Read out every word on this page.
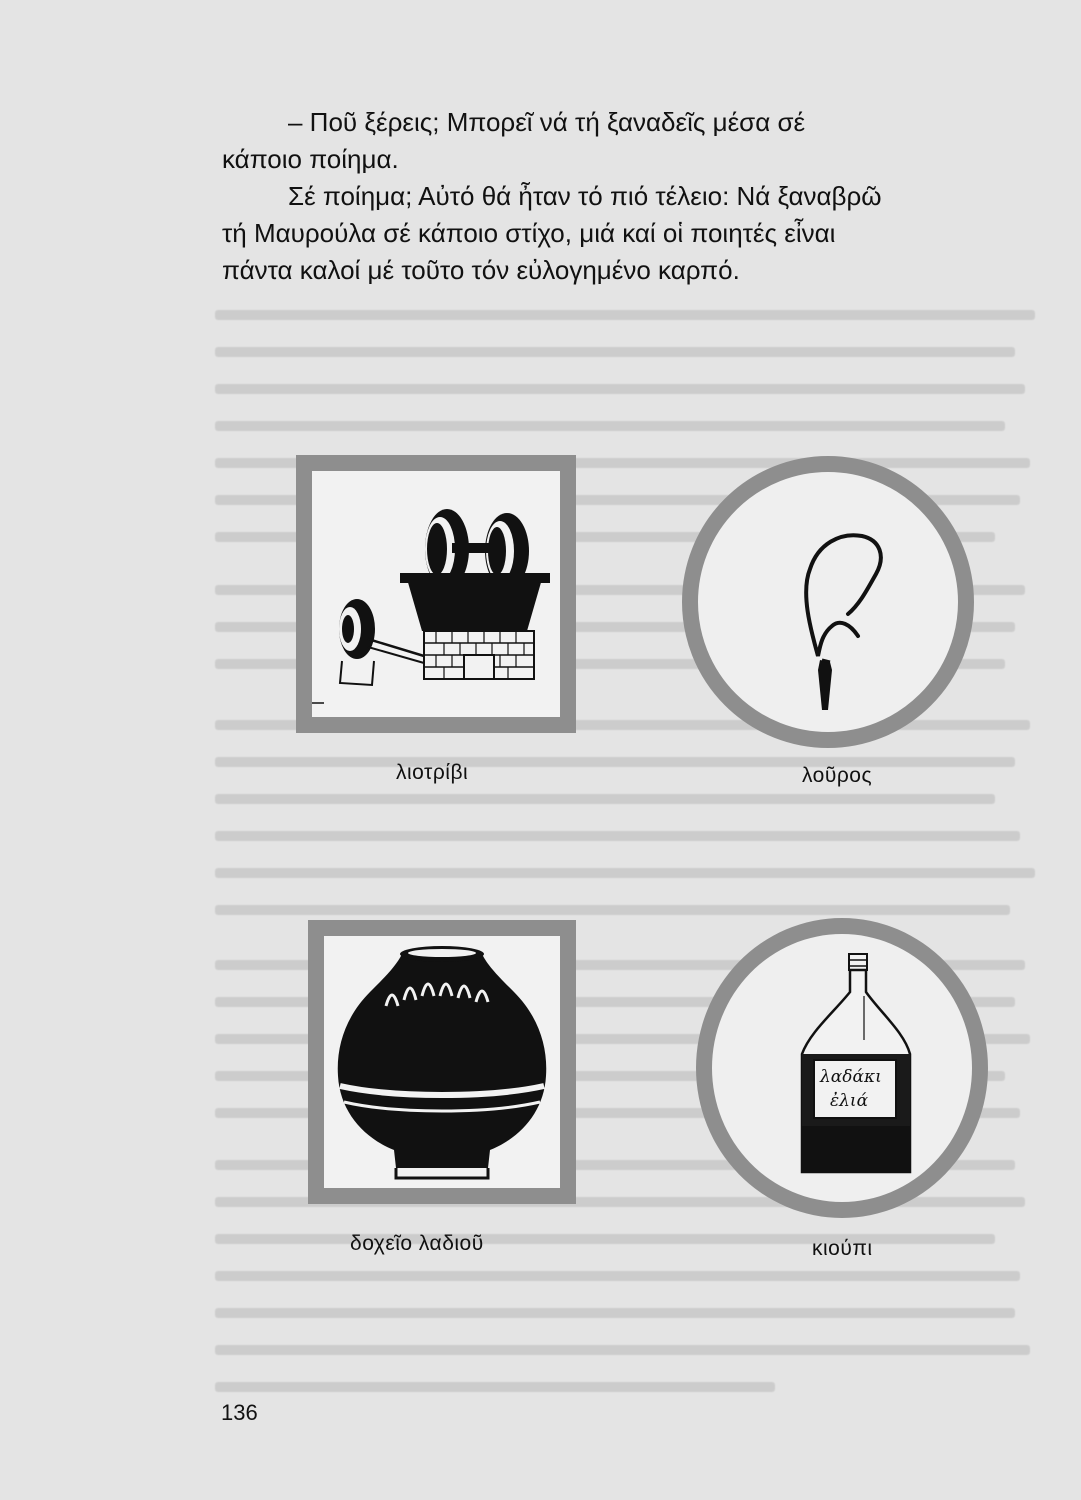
– Ποῦ ξέρεις; Μπορεῖ νά τή ξαναδεῖς μέσα σέ
κάποιο ποίημα.

Σέ ποίημα; Αὐτό θά ἦταν τό πιό τέλειο: Νά ξαναβρῶ
τή Μαυρούλα σέ κάποιο στίχο, μιά καί οἱ ποιητές εἶναι
πάντα καλοί μέ τοῦτο τόν εὐλογημένο καρπό.

λιοτρίβι	λοῦρος
δοχεῖο λαδιοῦ
λαδάκι
ἐλιά
κιούπι
136
